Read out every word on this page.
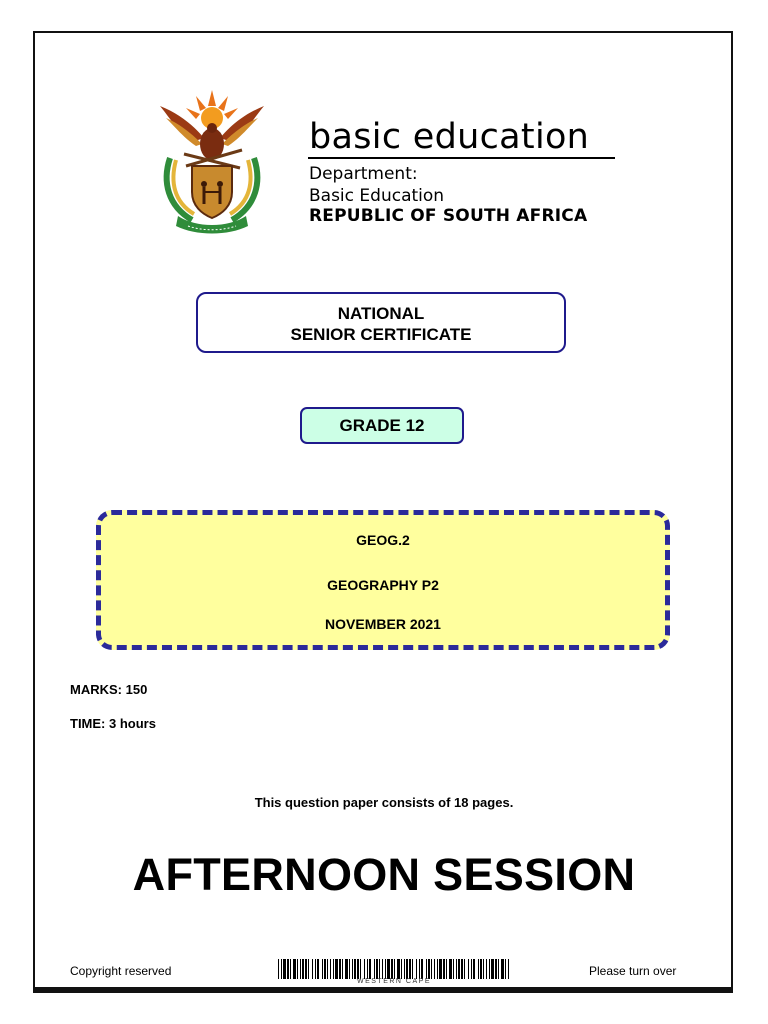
basic education
Department:
Basic Education
REPUBLIC OF SOUTH AFRICA
NATIONAL
SENIOR CERTIFICATE
GRADE 12
GEOG.2
GEOGRAPHY P2
NOVEMBER 2021
MARKS: 150
TIME: 3 hours
This question paper consists of 18 pages.
AFTERNOON SESSION
Copyright reserved
WESTERN CAPE
Please turn over
